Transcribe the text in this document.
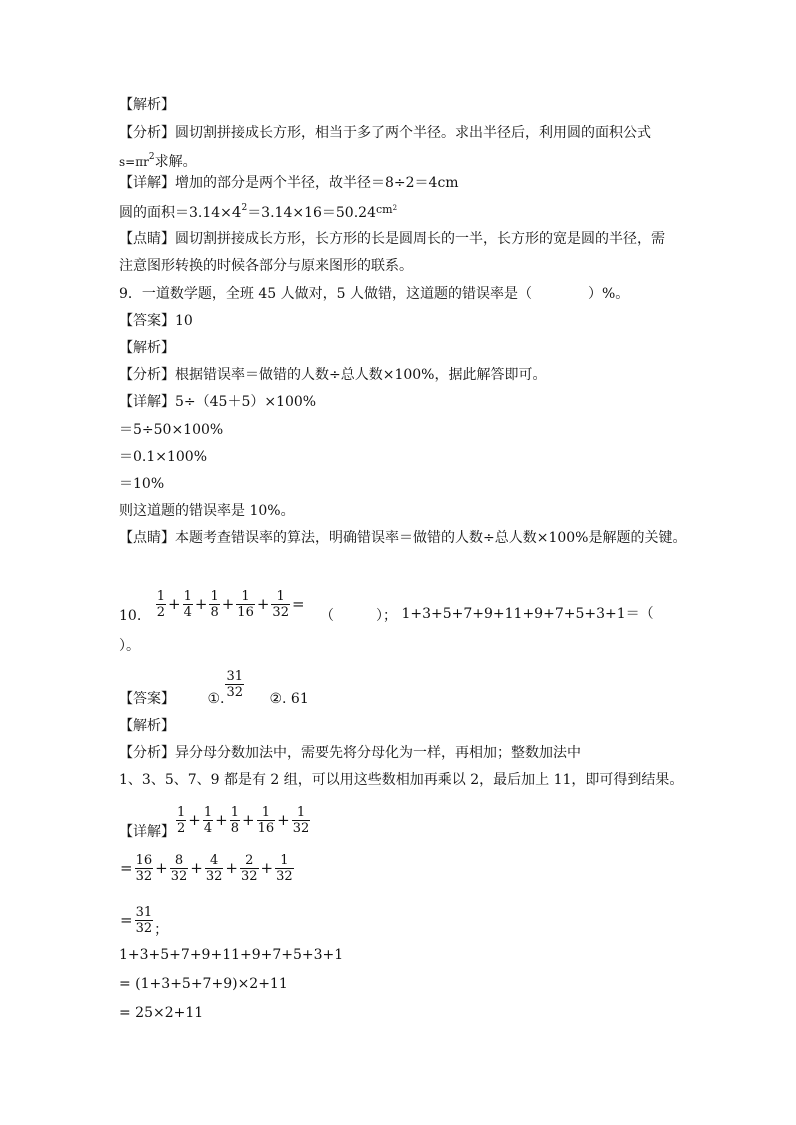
【解析】
【分析】圆切割拼接成长方形，相当于多了两个半径。求出半径后，利用圆的面积公式
$s=\pi r^2$求解。
【详解】增加的部分是两个半径，故半径＝8÷2＝4cm
圆的面积$=3.14\times 4^2=3.14\times 16=50.24^{cm2}$
【点睛】圆切割拼接成长方形，长方形的长是圆周长的一半，长方形的宽是圆的半径，需
注意图形转换的时候各部分与原来图形的联系。
9．一道数学题，全班 45 人做对，5 人做错，这道题的错误率是（　　　　）%。
【答案】10
【解析】
【分析】根据错误率＝做错的人数÷总人数×100%，据此解答即可。
【详解】5÷（45＋5）×100%
＝5÷50×100%
＝0.1×100%
＝10%
则这道题的错误率是 10%。
【点睛】本题考查错误率的算法，明确错误率＝做错的人数÷总人数×100%是解题的关键。
10. $\frac{1}{2} + \frac{1}{4} + \frac{1}{8} + \frac{1}{16} + \frac{1}{32}$ = （　　　）； 1+3+5+7+9+11+9+7+5+3+1＝（
）。
【答案】 ①. $\frac{31}{32}$ ②. 61
【解析】
【分析】异分母分数加法中，需要先将分母化为一样，再相加；整数加法中
1、3、5、7、9 都是有 2 组，可以用这些数相加再乘以 2，最后加上 11，即可得到结果。
【详解】 $\frac{1}{2} + \frac{1}{4} + \frac{1}{8} + \frac{1}{16} + \frac{1}{32}$
= $\frac{16}{32} + \frac{8}{32} + \frac{4}{32} + \frac{2}{32} + \frac{1}{32}$
= $\frac{31}{32}$ ；
1+3+5+7+9+11+9+7+5+3+1
= (1+3+5+7+9)×2+11
= 25×2+11
